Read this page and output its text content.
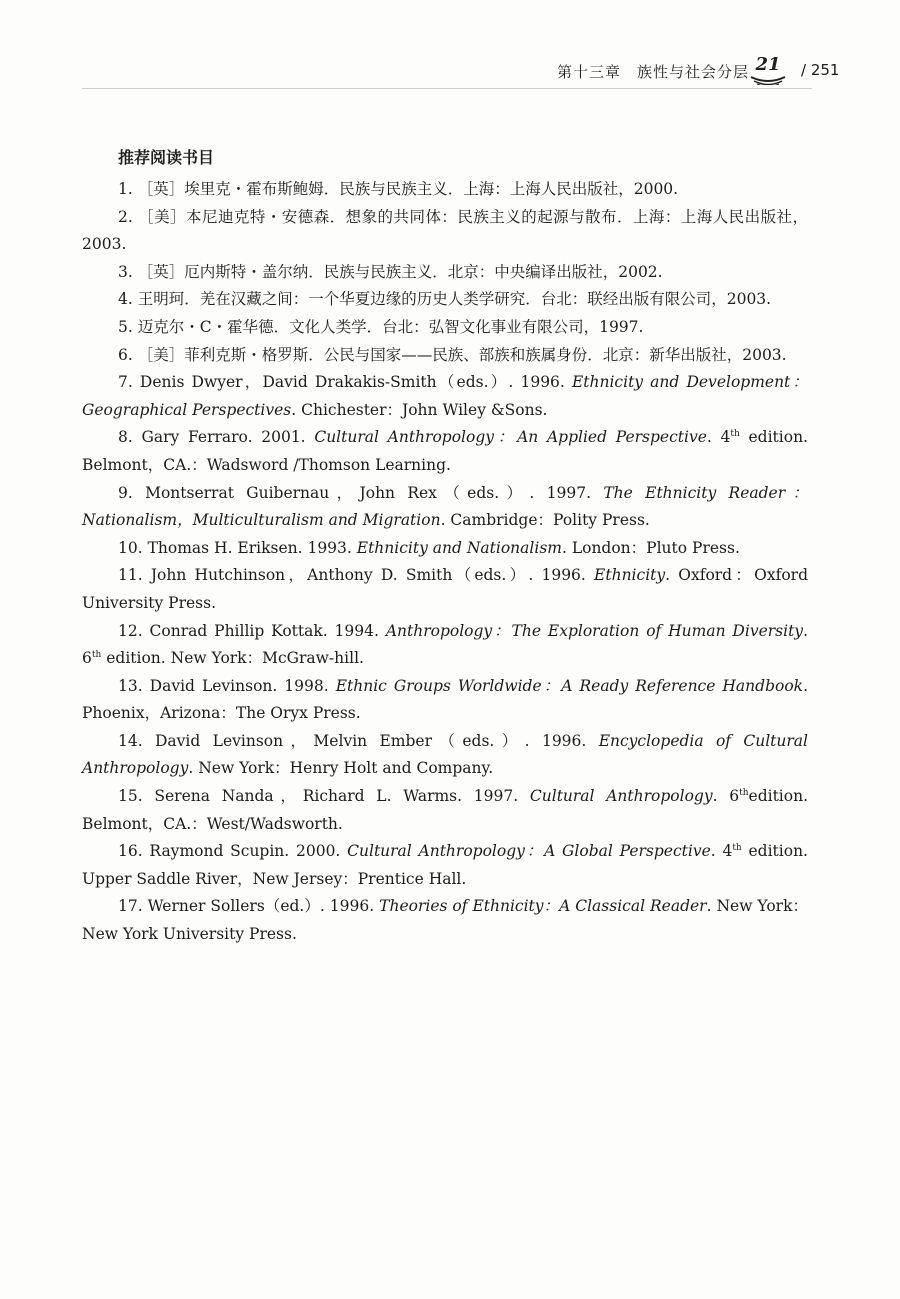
第十三章　族性与社会分层 21	/ 251
推荐阅读书目

1. ［英］埃里克・霍布斯鲍姆．民族与民族主义．上海：上海人民出版社，2000.

2. ［美］本尼迪克特・安德森．想象的共同体：民族主义的起源与散布．上海：上海人民出版社，2003.

3. ［英］厄内斯特・盖尔纳．民族与民族主义．北京：中央编译出版社，2002.

4. 王明珂．羌在汉藏之间：一个华夏边缘的历史人类学研究．台北：联经出版有限公司，2003.

5. 迈克尔・C・霍华德．文化人类学．台北：弘智文化事业有限公司，1997.

6. ［美］菲利克斯・格罗斯．公民与国家——民族、部族和族属身份．北京：新华出版社，2003.

7. Denis Dwyer，David Drakakis-Smith（eds.）. 1996. Ethnicity and Development：Geographical Perspectives. Chichester：John Wiley &Sons.

8. Gary Ferraro. 2001. Cultural Anthropology：An Applied Perspective. 4th edition. Belmont，CA.：Wadsword /Thomson Learning.

9. Montserrat Guibernau，John Rex（eds.）. 1997. The Ethnicity Reader：Nationalism，Multiculturalism and Migration. Cambridge：Polity Press.

10. Thomas H. Eriksen. 1993. Ethnicity and Nationalism. London：Pluto Press.

11. John Hutchinson，Anthony D. Smith（eds.）. 1996. Ethnicity. Oxford：Oxford University Press.

12. Conrad Phillip Kottak. 1994. Anthropology：The Exploration of Human Diversity. 6th edition. New York：McGraw-hill.

13. David Levinson. 1998. Ethnic Groups Worldwide：A Ready Reference Handbook. Phoenix，Arizona：The Oryx Press.

14. David Levinson，Melvin Ember（eds.）. 1996. Encyclopedia of Cultural Anthropology. New York：Henry Holt and Company.

15. Serena Nanda，Richard L. Warms. 1997. Cultural Anthropology. 6thedition. Belmont，CA.：West/Wadsworth.

16. Raymond Scupin. 2000. Cultural Anthropology：A Global Perspective. 4th edition. Upper Saddle River，New Jersey：Prentice Hall.

17. Werner Sollers（ed.）. 1996. Theories of Ethnicity：A Classical Reader. New York：New York University Press.
